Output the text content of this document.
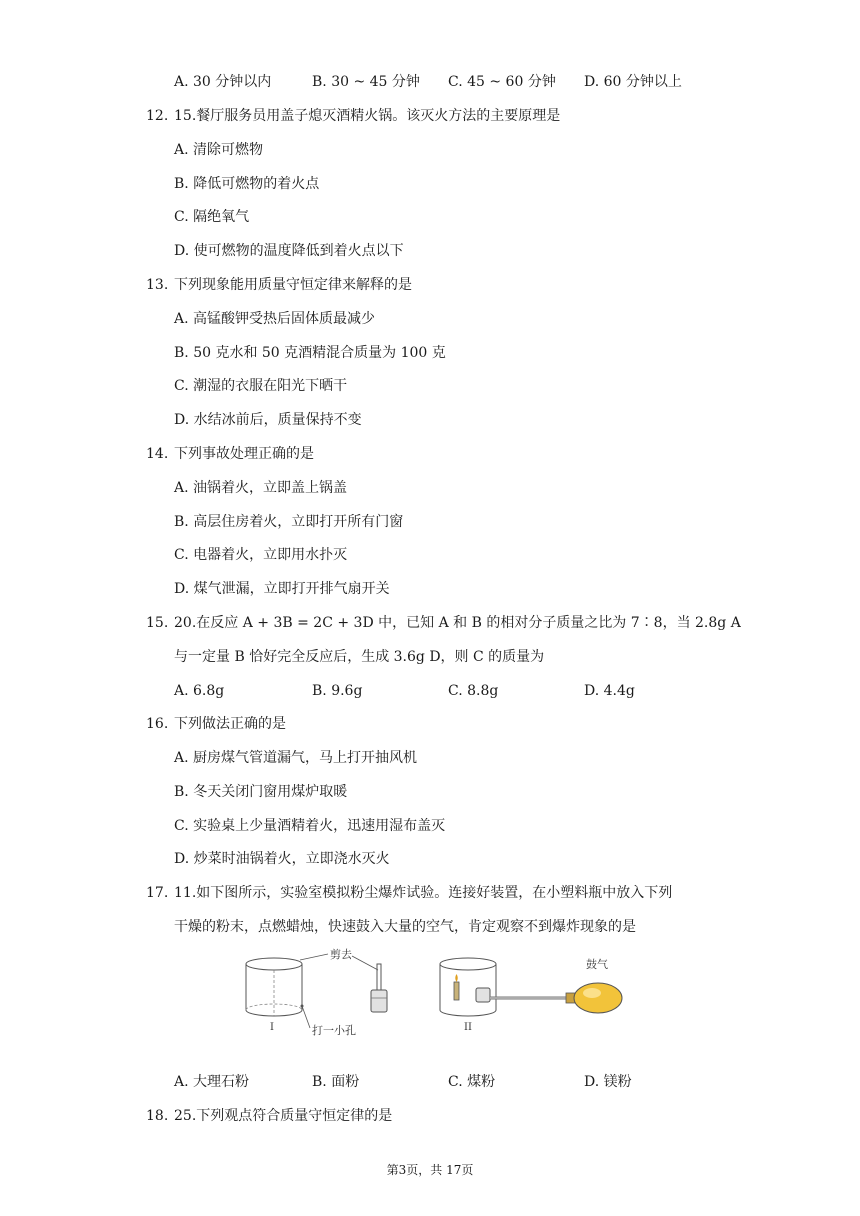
A. 30 分钟以内	B. 30 ~ 45 分钟 C. 45 ~ 60 分钟 D. 60 分钟以上
12. 15.餐厅服务员用盖子熄灭酒精火锅。该灭火方法的主要原理是
A. 清除可燃物
B. 降低可燃物的着火点
C. 隔绝氧气
D. 使可燃物的温度降低到着火点以下
13. 下列现象能用质量守恒定律来解释的是
A. 高锰酸钾受热后固体质最减少
B. 50 克水和 50 克酒精混合质量为 100 克
C. 潮湿的衣服在阳光下晒干
D. 水结冰前后，质量保持不变
14. 下列事故处理正确的是
A. 油锅着火，立即盖上锅盖
B. 高层住房着火，立即打开所有门窗
C. 电器着火，立即用水扑灭
D. 煤气泄漏，立即打开排气扇开关
15. 20.在反应 A + 3B = 2C + 3D 中，已知 A 和 B 的相对分子质量之比为 7∶8，当 2.8g A
与一定量 B 恰好完全反应后，生成 3.6g D，则 C 的质量为
A. 6.8g	B. 9.6g	C. 8.8g	D. 4.4g
16. 下列做法正确的是
A. 厨房煤气管道漏气，马上打开抽风机
B. 冬天关闭门窗用煤炉取暖
C. 实验桌上少量酒精着火，迅速用湿布盖灭
D. 炒菜时油锅着火，立即浇水灭火
17. 11.如下图所示，实验室模拟粉尘爆炸试验。连接好装置，在小塑料瓶中放入下列
干燥的粉末，点燃蜡烛，快速鼓入大量的空气，肯定观察不到爆炸现象的是
剪去
打一小孔
I	II
鼓气
A. 大理石粉	B. 面粉	C. 煤粉	D. 镁粉
18. 25.下列观点符合质量守恒定律的是
第3页，共 17页
